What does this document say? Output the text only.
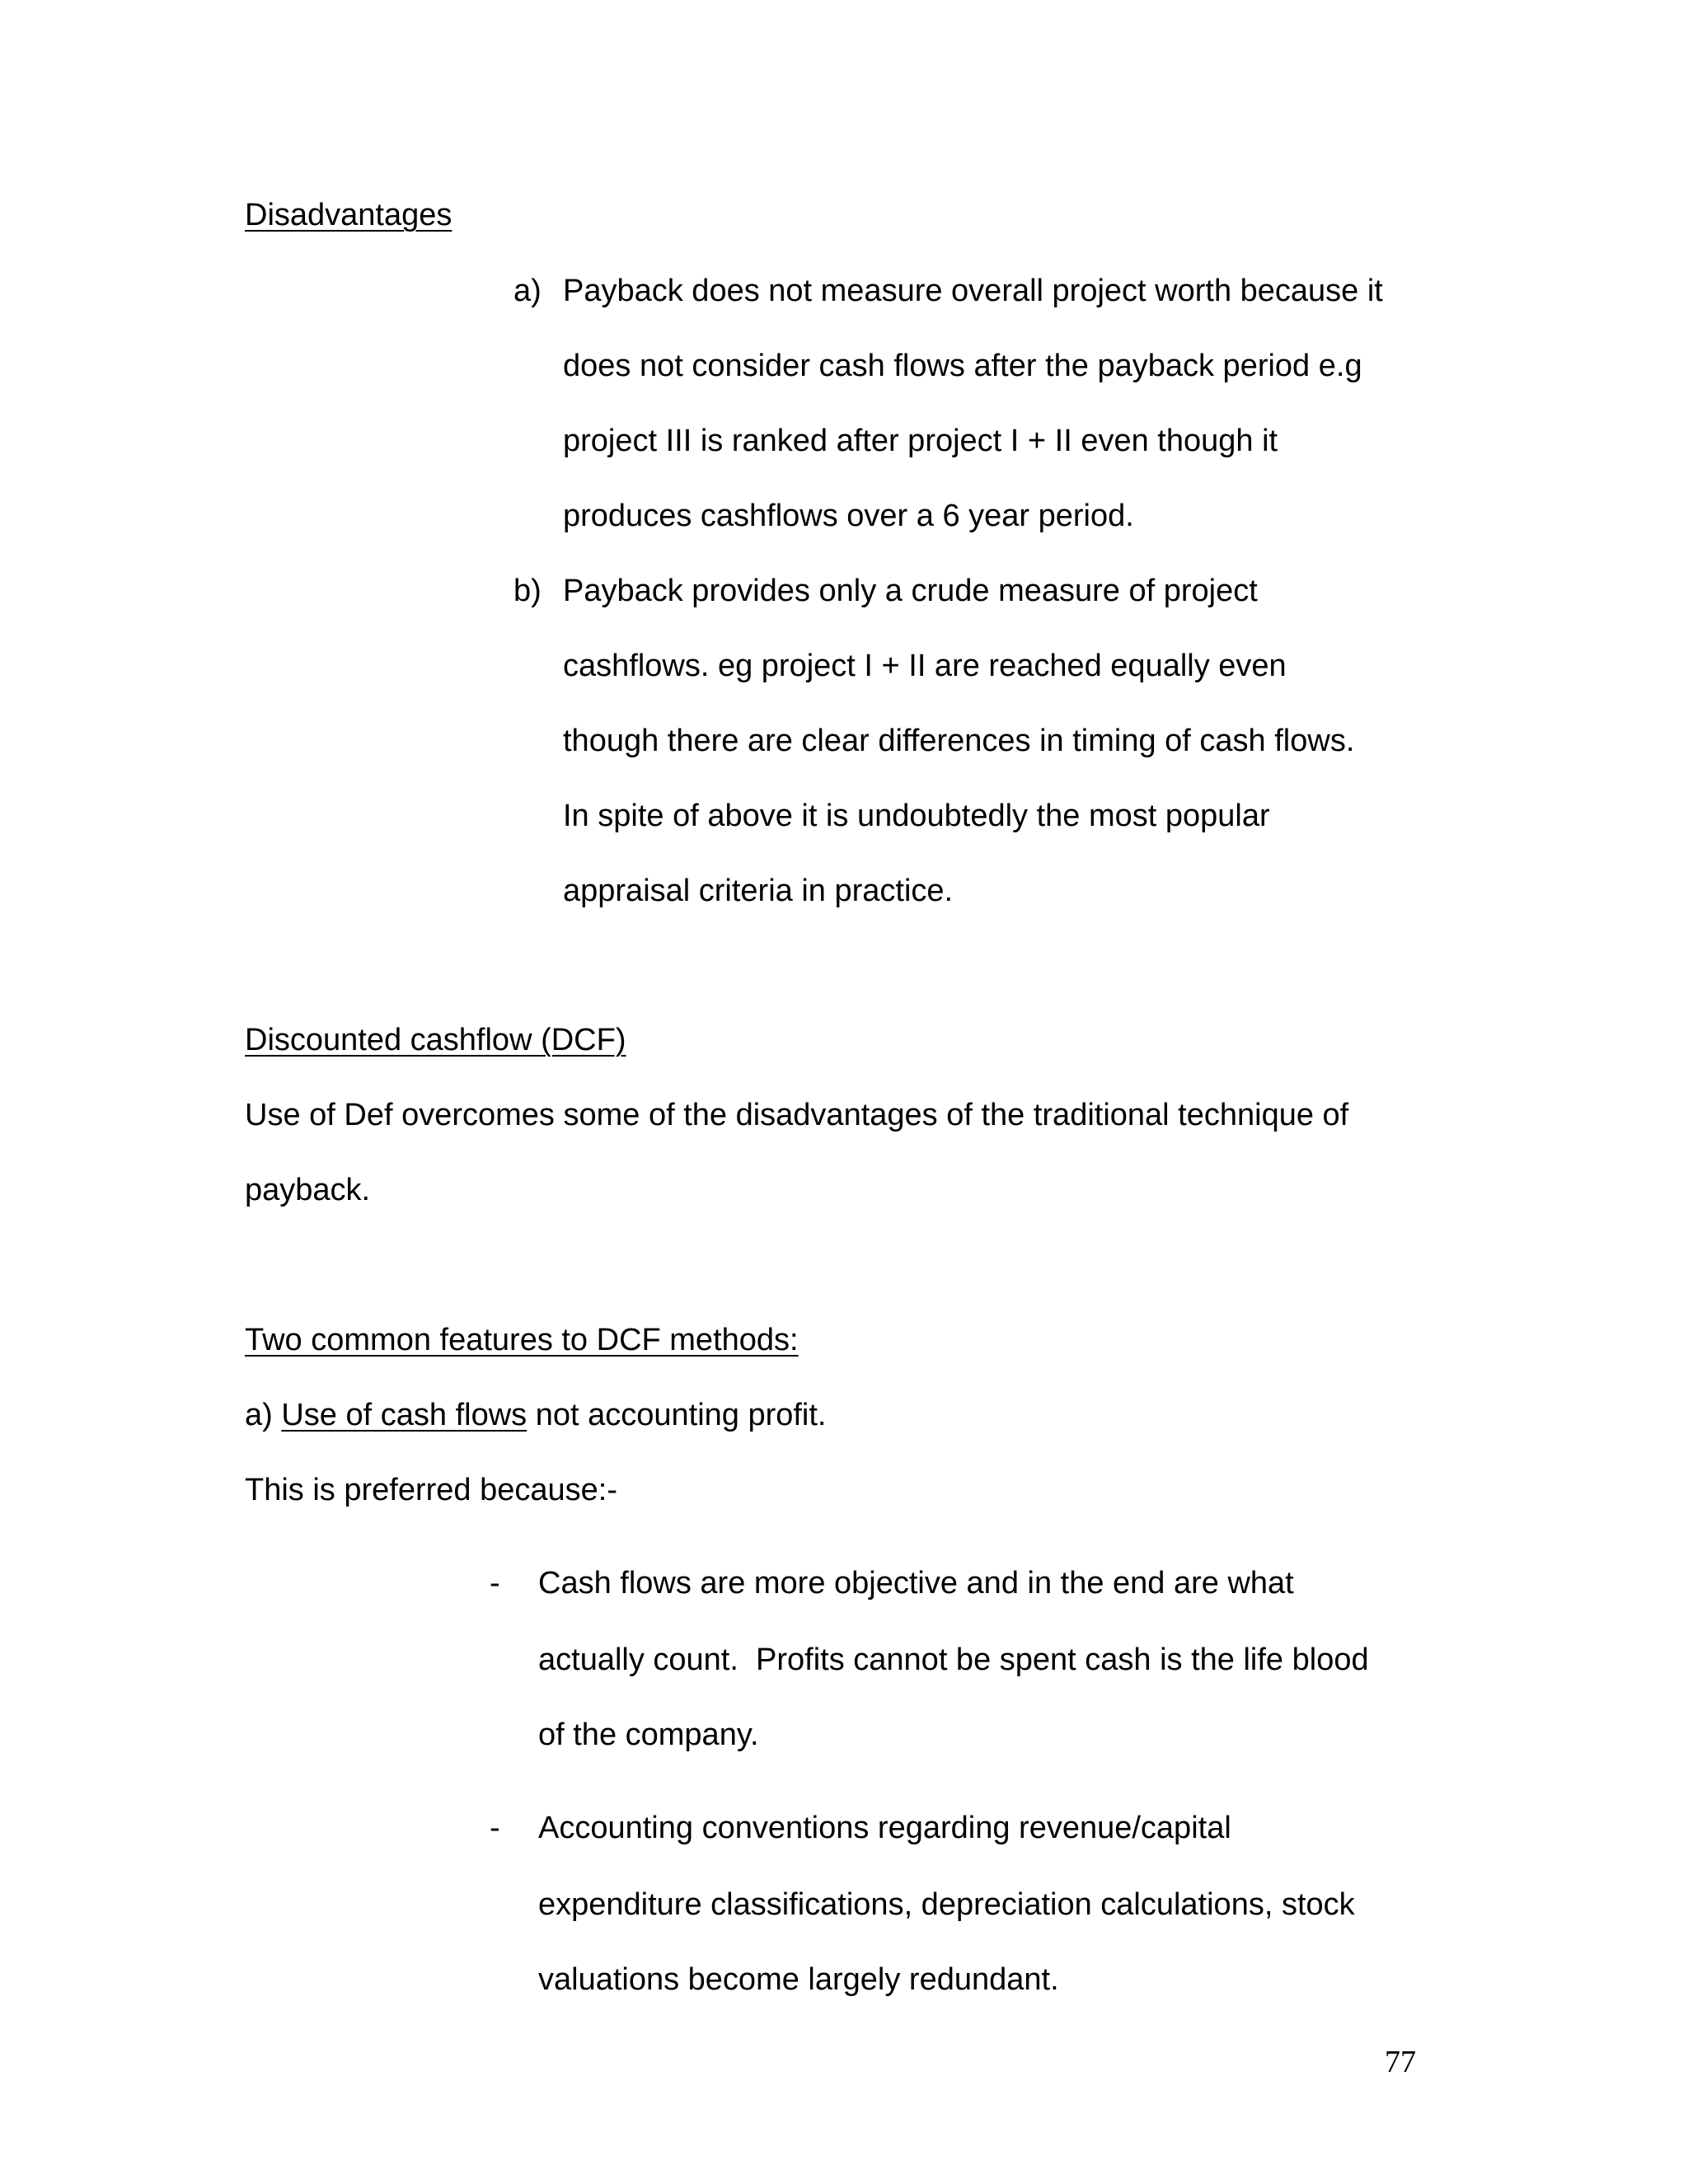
Disadvantages
a) Payback does not measure overall project worth because it
does not consider cash flows after the payback period e.g
project III is ranked after project I + II even though it
produces cashflows over a 6 year period.
b) Payback provides only a crude measure of project
cashflows. eg project I + II are reached equally even
though there are clear differences in timing of cash flows.
In spite of above it is undoubtedly the most popular
appraisal criteria in practice.
Discounted cashflow (DCF)
Use of Def overcomes some of the disadvantages of the traditional technique of
payback.
Two common features to DCF methods:
a) Use of cash flows not accounting profit.
This is preferred because:-
- Cash flows are more objective and in the end are what
actually count.  Profits cannot be spent cash is the life blood
of the company.
- Accounting conventions regarding revenue/capital
expenditure classifications, depreciation calculations, stock
valuations become largely redundant.
77
